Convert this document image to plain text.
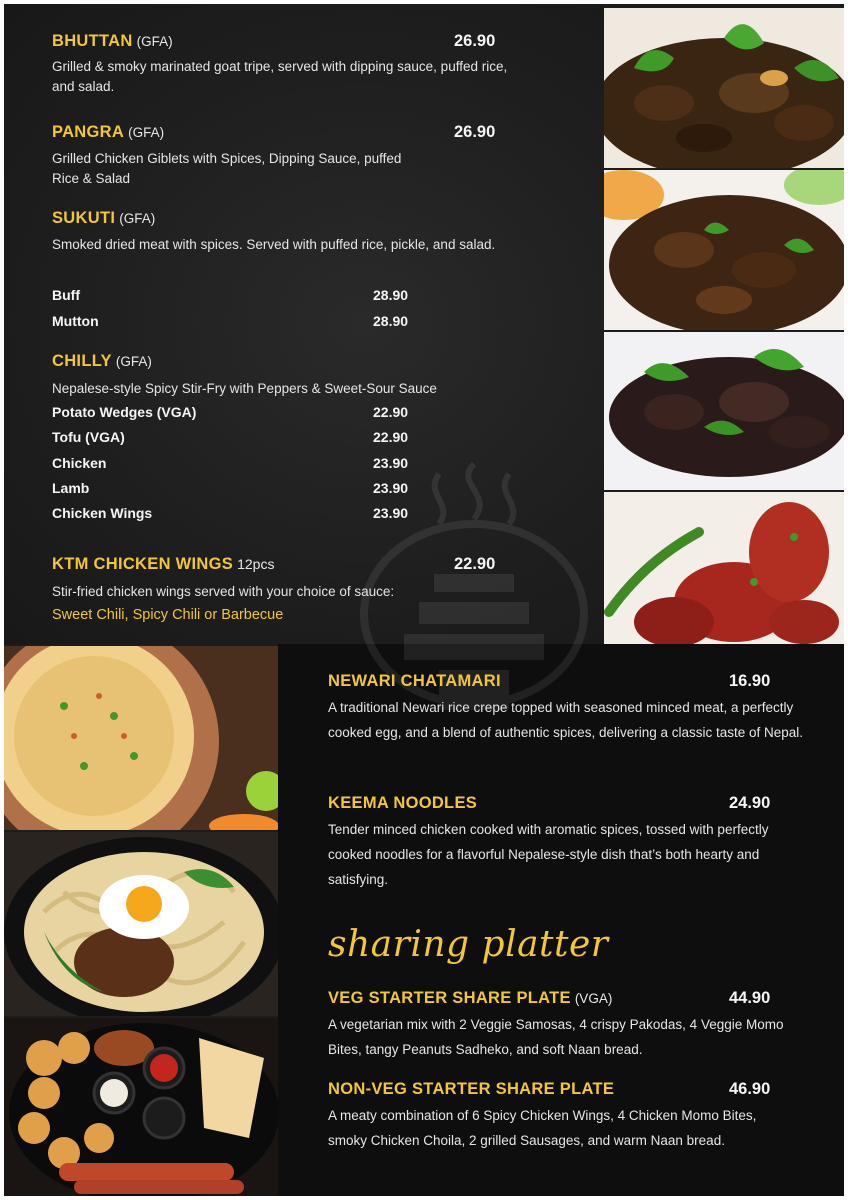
BHUTTAN (GFA)	26.90
Grilled & smoky marinated goat tripe, served with dipping sauce, puffed rice, and salad.
PANGRA (GFA)	26.90
Grilled Chicken Giblets with Spices, Dipping Sauce, puffed Rice & Salad
SUKUTI (GFA)
Smoked dried meat with spices. Served with puffed rice, pickle, and salad.
Buff	28.90
Mutton	28.90
CHILLY (GFA)
Nepalese-style Spicy Stir-Fry with Peppers & Sweet-Sour Sauce
Potato Wedges (VGA)	22.90
Tofu (VGA)	22.90
Chicken	23.90
Lamb	23.90
Chicken Wings	23.90
KTM CHICKEN WINGS 12pcs	22.90
Stir-fried chicken wings served with your choice of sauce:
Sweet Chili, Spicy Chili or Barbecue
NEWARI CHATAMARI	16.90
A traditional Newari rice crepe topped with seasoned minced meat, a perfectly cooked egg, and a blend of authentic spices, delivering a classic taste of Nepal.
KEEMA NOODLES	24.90
Tender minced chicken cooked with aromatic spices, tossed with perfectly cooked noodles for a flavorful Nepalese-style dish that’s both hearty and satisfying.
sharing platter
VEG STARTER SHARE PLATE (VGA)	44.90
A vegetarian mix with 2 Veggie Samosas, 4 crispy Pakodas, 4 Veggie Momo Bites, tangy Peanuts Sadheko, and soft Naan bread.
NON-VEG STARTER SHARE PLATE	46.90
A meaty combination of 6 Spicy Chicken Wings, 4 Chicken Momo Bites, smoky Chicken Choila, 2 grilled Sausages, and warm Naan bread.
